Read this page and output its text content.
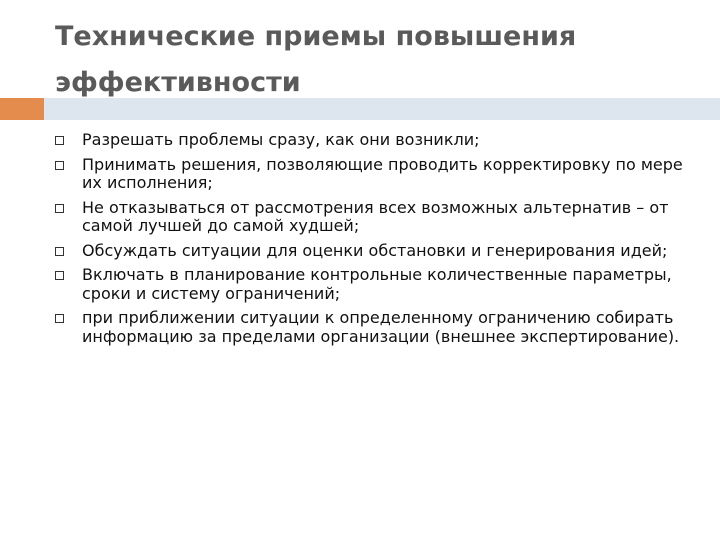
Технические приемы повышения
эффективности
Разрешать проблемы сразу, как они возникли;
Принимать решения, позволяющие проводить корректировку по мере их исполнения;
Не отказываться от рассмотрения всех возможных альтернатив – от самой лучшей до самой худшей;
Обсуждать ситуации для оценки обстановки и генерирования идей;
Включать в планирование контрольные количественные параметры, сроки и систему ограничений;
при приближении ситуации к определенному ограничению собирать информацию за пределами организации (внешнее экспертирование).
